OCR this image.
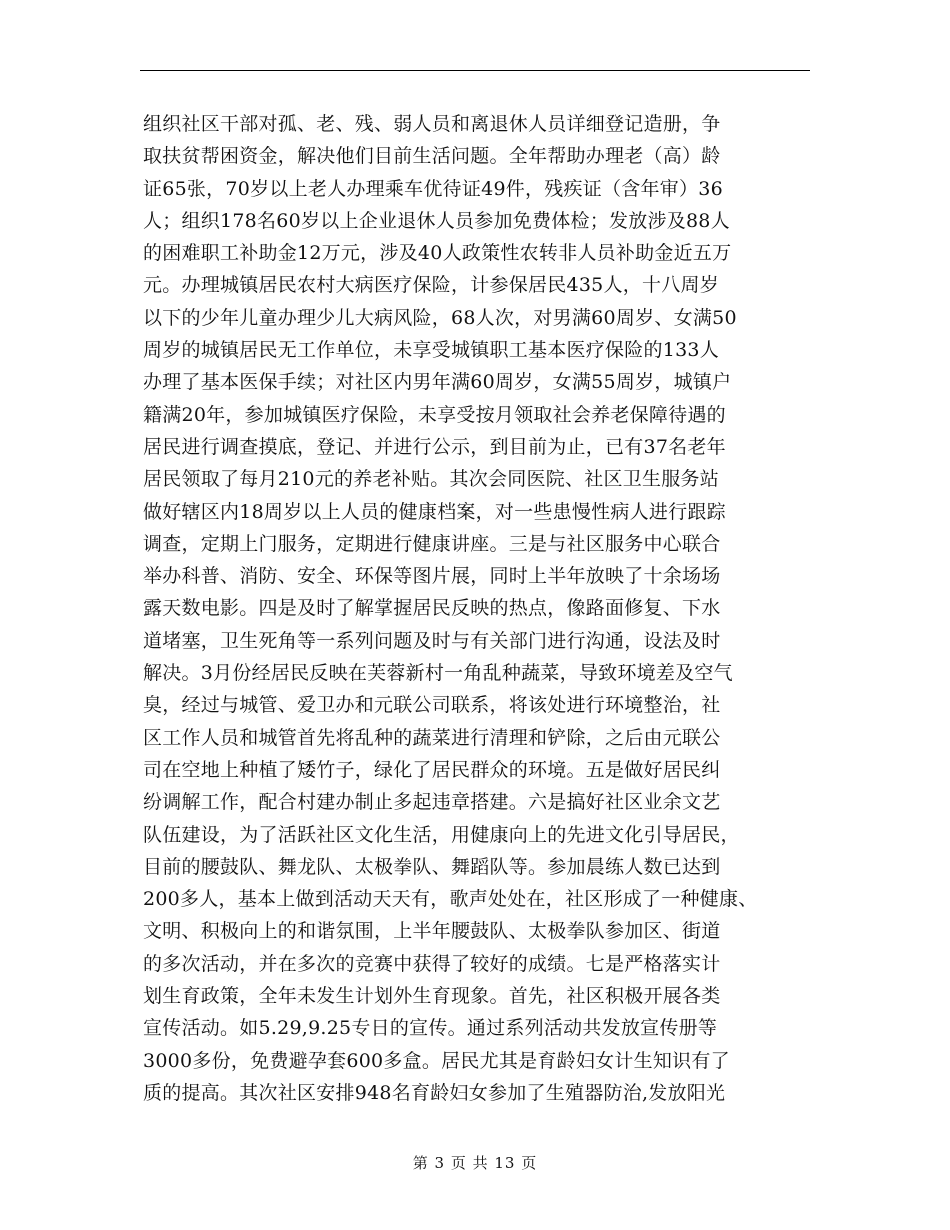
组织社区干部对孤、老、残、弱人员和离退休人员详细登记造册，争
取扶贫帮困资金，解决他们目前生活问题。全年帮助办理老（高）龄
证65张，70岁以上老人办理乘车优待证49件，残疾证（含年审）36
人；组织178名60岁以上企业退休人员参加免费体检；发放涉及88人
的困难职工补助金12万元，涉及40人政策性农转非人员补助金近五万
元。办理城镇居民农村大病医疗保险，计参保居民435人，十八周岁
以下的少年儿童办理少儿大病风险，68人次，对男满60周岁、女满50
周岁的城镇居民无工作单位，未享受城镇职工基本医疗保险的133人
办理了基本医保手续；对社区内男年满60周岁，女满55周岁，城镇户
籍满20年，参加城镇医疗保险，未享受按月领取社会养老保障待遇的
居民进行调查摸底，登记、并进行公示，到目前为止，已有37名老年
居民领取了每月210元的养老补贴。其次会同医院、社区卫生服务站
做好辖区内18周岁以上人员的健康档案，对一些患慢性病人进行跟踪
调查，定期上门服务，定期进行健康讲座。三是与社区服务中心联合
举办科普、消防、安全、环保等图片展，同时上半年放映了十余场场
露天数电影。四是及时了解掌握居民反映的热点，像路面修复、下水
道堵塞，卫生死角等一系列问题及时与有关部门进行沟通，设法及时
解决。3月份经居民反映在芙蓉新村一角乱种蔬菜，导致环境差及空气
臭，经过与城管、爱卫办和元联公司联系，将该处进行环境整治，社
区工作人员和城管首先将乱种的蔬菜进行清理和铲除，之后由元联公
司在空地上种植了矮竹子，绿化了居民群众的环境。五是做好居民纠
纷调解工作，配合村建办制止多起违章搭建。六是搞好社区业余文艺
队伍建设，为了活跃社区文化生活，用健康向上的先进文化引导居民，
目前的腰鼓队、舞龙队、太极拳队、舞蹈队等。参加晨练人数已达到
200多人，基本上做到活动天天有，歌声处处在，社区形成了一种健康、
文明、积极向上的和谐氛围，上半年腰鼓队、太极拳队参加区、街道
的多次活动，并在多次的竞赛中获得了较好的成绩。七是严格落实计
划生育政策，全年未发生计划外生育现象。首先，社区积极开展各类
宣传活动。如5.29,9.25专日的宣传。通过系列活动共发放宣传册等
3000多份，免费避孕套600多盒。居民尤其是育龄妇女计生知识有了
质的提高。其次社区安排948名育龄妇女参加了生殖器防治,发放阳光
第 3 页 共 13 页
